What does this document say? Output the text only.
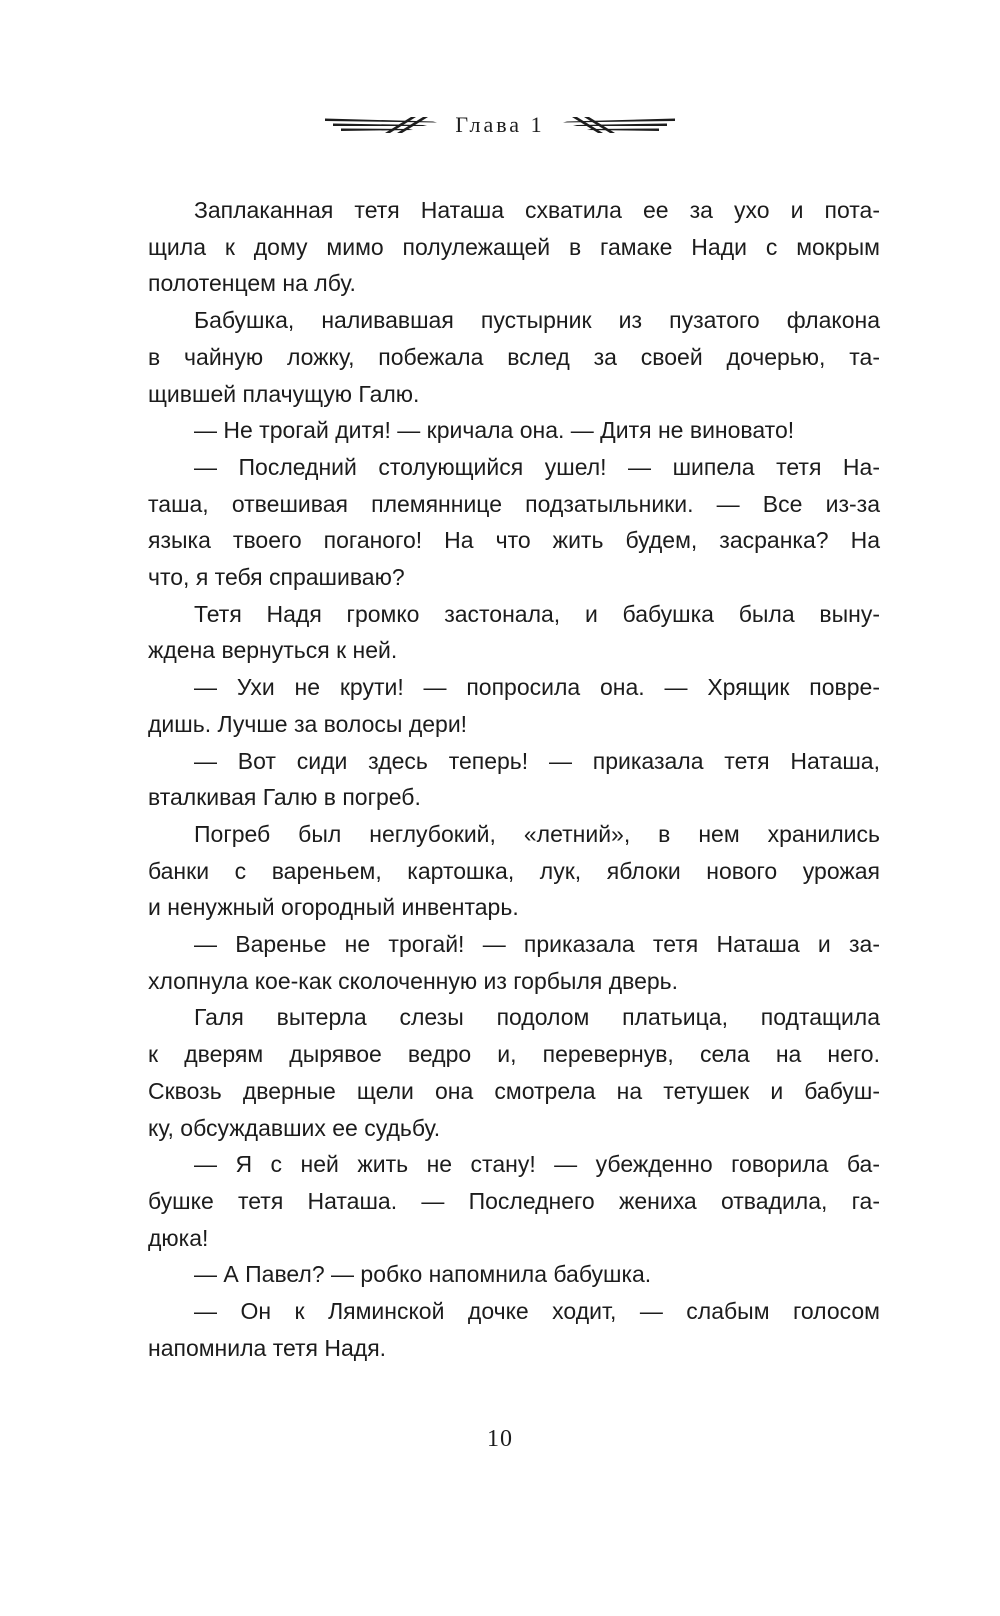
Глава 1

Заплаканная тетя Наташа схватила ее за ухо и пота-
щила к дому мимо полулежащей в гамаке Нади с мокрым
полотенцем на лбу.

Бабушка, наливавшая пустырник из пузатого флакона
в чайную ложку, побежала вслед за своей дочерью, та-
щившей плачущую Галю.

— Не трогай дитя! — кричала она. — Дитя не виновато!

— Последний столующийся ушел! — шипела тетя На-
таша, отвешивая племяннице подзатыльники. — Все из-за
языка твоего поганого! На что жить будем, засранка? На
что, я тебя спрашиваю?

Тетя Надя громко застонала, и бабушка была выну-
ждена вернуться к ней.

— Ухи не крути! — попросила она. — Хрящик повре-
дишь. Лучше за волосы дери!

— Вот сиди здесь теперь! — приказала тетя Наташа,
вталкивая Галю в погреб.

Погреб был неглубокий, «летний», в нем хранились
банки с вареньем, картошка, лук, яблоки нового урожая
и ненужный огородный инвентарь.

— Варенье не трогай! — приказала тетя Наташа и за-
хлопнула кое-как сколоченную из горбыля дверь.

Галя вытерла слезы подолом платьица, подтащила
к дверям дырявое ведро и, перевернув, села на него.
Сквозь дверные щели она смотрела на тетушек и бабуш-
ку, обсуждавших ее судьбу.

— Я с ней жить не стану! — убежденно говорила ба-
бушке тетя Наташа. — Последнего жениха отвадила, га-
дюка!

— А Павел? — робко напомнила бабушка.

— Он к Ляминской дочке ходит, — слабым голосом
напомнила тетя Надя.

10
